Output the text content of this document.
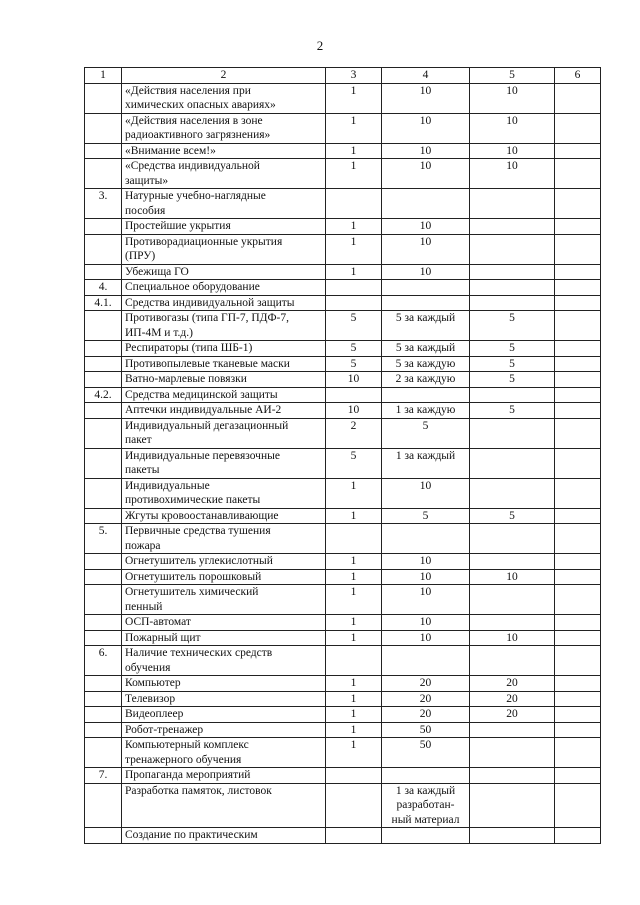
2
1	2	3	4	5	6
	«Действия населения при
химических опасных авариях»	1	10	10	
	«Действия населения в зоне
радиоактивного загрязнения»	1	10	10	
	«Внимание всем!»	1	10	10	
	«Средства индивидуальной
защиты»	1	10	10	
3.	Натурные учебно-наглядные
пособия				
	Простейшие укрытия	1	10		
	Противорадиационные укрытия
(ПРУ)	1	10		
	Убежища ГО	1	10		
4.	Специальное оборудование				
4.1.	Средства индивидуальной защиты				
	Противогазы (типа ГП-7, ПДФ-7,
ИП-4М и т.д.)	5	5 за каждый	5	
	Респираторы (типа ШБ-1)	5	5 за каждый	5	
	Противопылевые тканевые маски	5	5 за каждую	5	
	Ватно-марлевые повязки	10	2 за каждую	5	
4.2.	Средства медицинской защиты				
	Аптечки индивидуальные АИ-2	10	1 за каждую	5	
	Индивидуальный дегазационный
пакет	2	5		
	Индивидуальные перевязочные
пакеты	5	1 за каждый		
	Индивидуальные
противохимические пакеты	1	10		
	Жгуты кровоостанавливающие	1	5	5	
5.	Первичные средства тушения
пожара				
	Огнетушитель углекислотный	1	10		
	Огнетушитель порошковый	1	10	10	
	Огнетушитель химический
пенный	1	10		
	ОСП-автомат	1	10		
	Пожарный щит	1	10	10	
6.	Наличие технических средств
обучения				
	Компьютер	1	20	20	
	Телевизор	1	20	20	
	Видеоплеер	1	20	20	
	Робот-тренажер	1	50		
	Компьютерный комплекс
тренажерного обучения	1	50		
7.	Пропаганда мероприятий				
	Разработка памяток, листовок		1 за каждый
разработан-
ный материал		
	Создание по практическим				
